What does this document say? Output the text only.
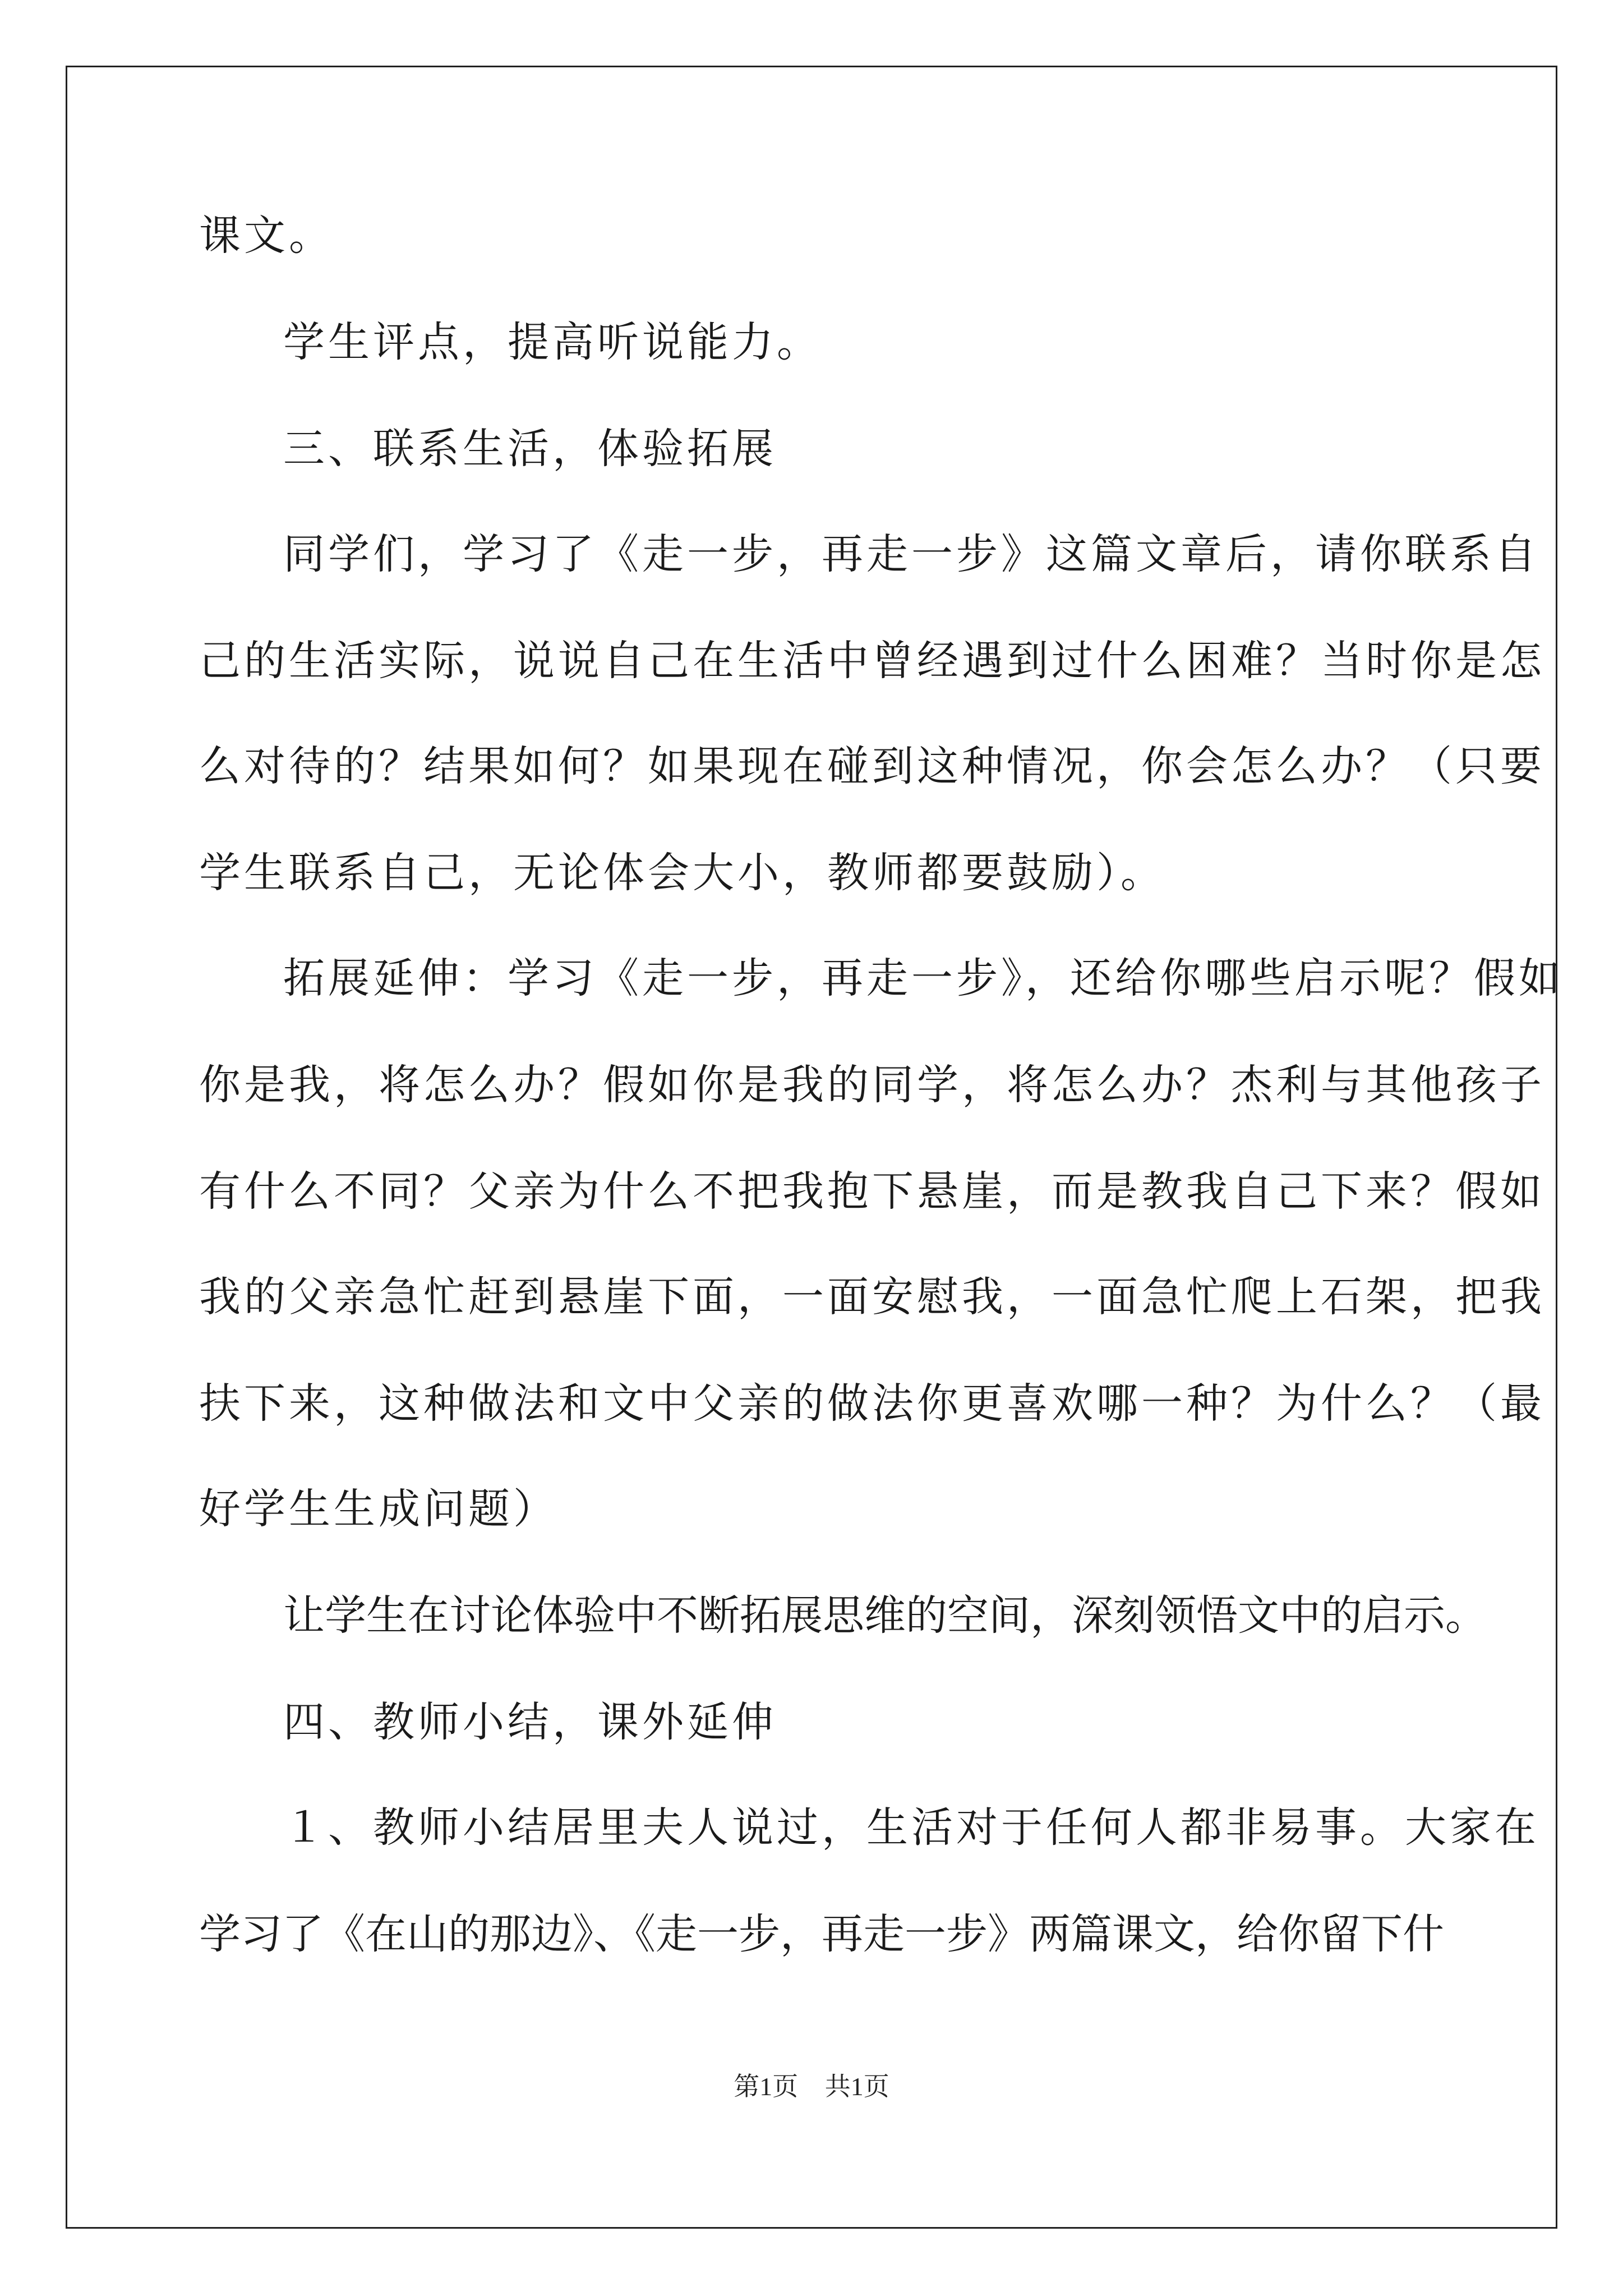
课文。
学生评点，提高听说能力。
三、联系生活，体验拓展
同学们，学习了《走一步，再走一步》这篇文章后，请你联系自
己的生活实际，说说自己在生活中曾经遇到过什么困难？当时你是怎
么对待的？结果如何？如果现在碰到这种情况，你会怎么办？（只要
学生联系自己，无论体会大小，教师都要鼓励）。
拓展延伸：学习《走一步，再走一步》，还给你哪些启示呢？假如
你是我，将怎么办？假如你是我的同学，将怎么办？杰利与其他孩子
有什么不同？父亲为什么不把我抱下悬崖，而是教我自己下来？假如
我的父亲急忙赶到悬崖下面，一面安慰我，一面急忙爬上石架，把我
扶下来，这种做法和文中父亲的做法你更喜欢哪一种？为什么？（最
好学生生成问题）
让学生在讨论体验中不断拓展思维的空间，深刻领悟文中的启示。
四、教师小结，课外延伸
１、教师小结居里夫人说过，生活对于任何人都非易事。大家在
学习了《在山的那边》、《走一步，再走一步》两篇课文，给你留下什
第1页 共1页
